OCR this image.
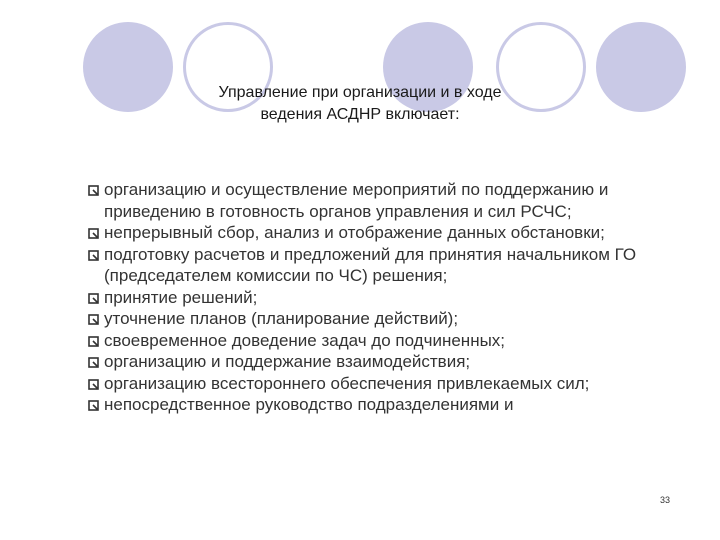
Управление при организации и в ходе
ведения АСДНР включает:
организацию и осуществление мероприятий по поддержанию и приведению в готовность органов управления и сил РСЧС;
непрерывный сбор, анализ и отображение данных обстановки;
подготовку расчетов и предложений для принятия начальником ГО (председателем комиссии по ЧС) решения;
принятие решений;
уточнение планов (планирование действий);
своевременное доведение задач до подчиненных;
организацию и поддержание взаимодействия;
организацию всестороннего обеспечения привлекаемых сил;
непосредственное руководство подразделениями и
33
